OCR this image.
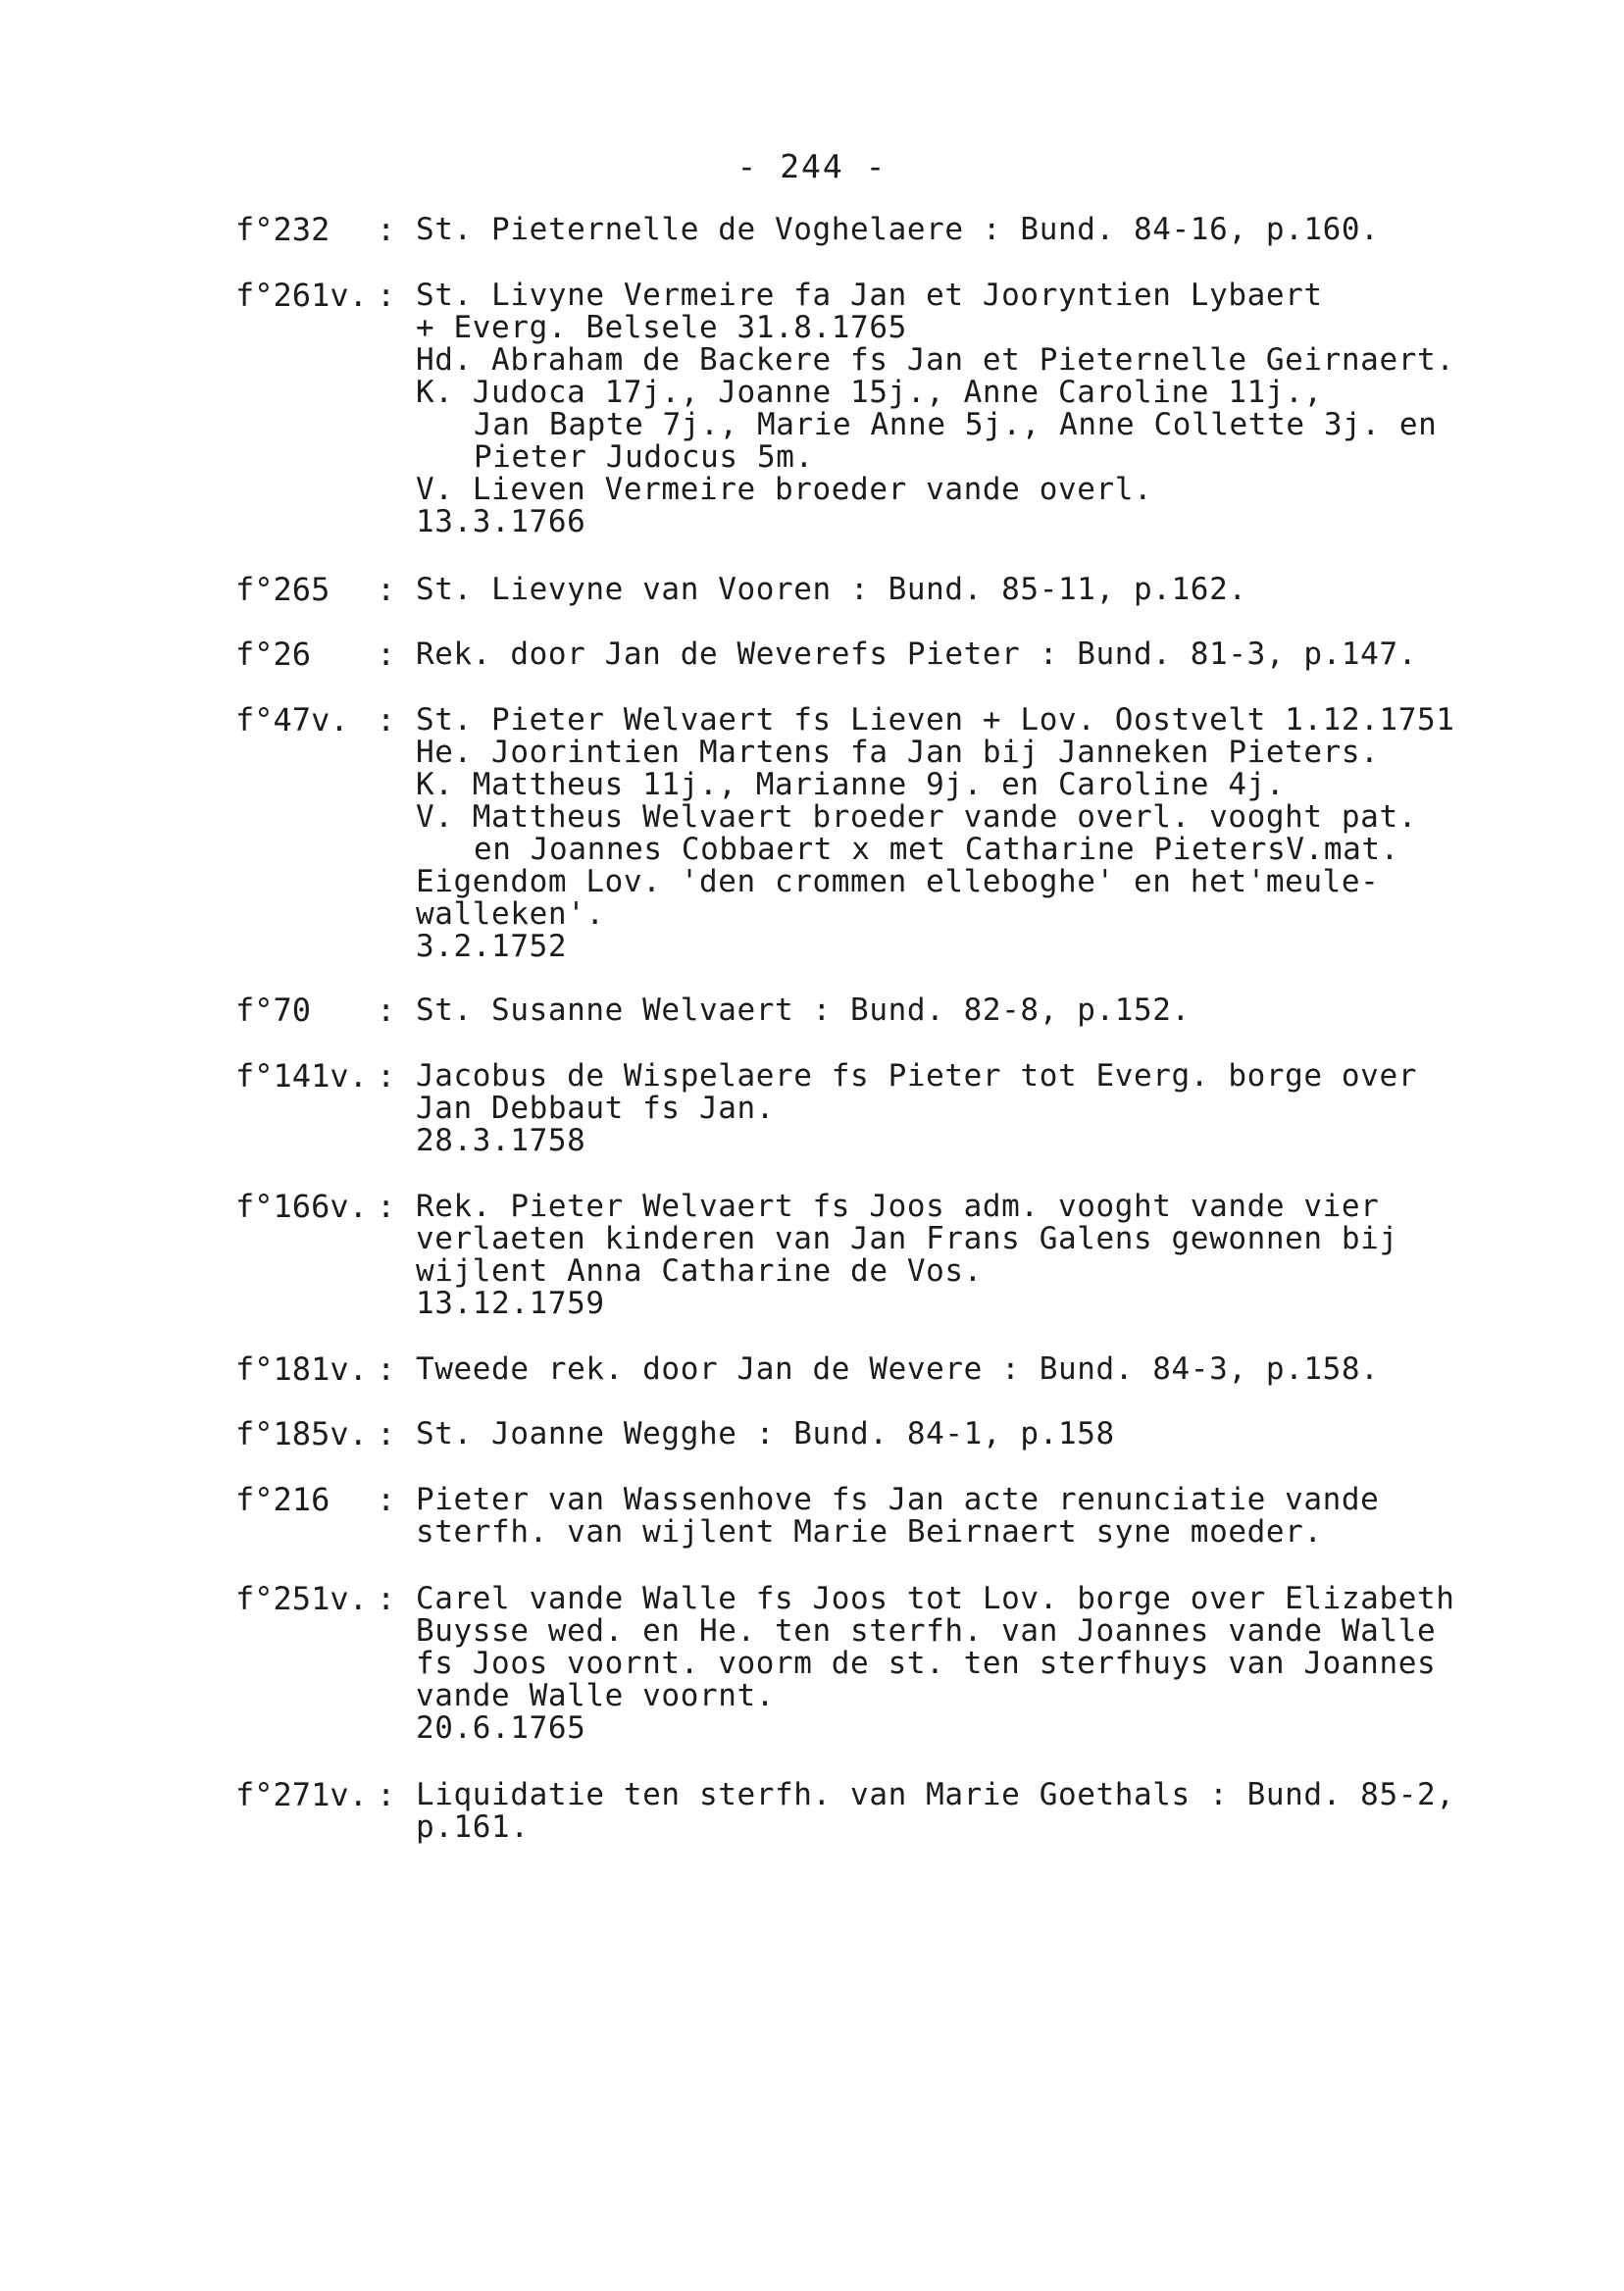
- 244 -
f°232 : St. Pieternelle de Voghelaere : Bund. 84-16, p.160.
f°261v. : St. Livyne Vermeire fa Jan et Jooryntien Lybaert
+ Everg. Belsele 31.8.1765
Hd. Abraham de Backere fs Jan et Pieternelle Geirnaert.
K. Judoca 17j., Joanne 15j., Anne Caroline 11j.,
Jan Bapte 7j., Marie Anne 5j., Anne Collette 3j. en
Pieter Judocus 5m.
V. Lieven Vermeire broeder vande overl.
13.3.1766
f°265 : St. Lievyne van Vooren : Bund. 85-11, p.162.
f°26 : Rek. door Jan de Weverefs Pieter : Bund. 81-3, p.147.
f°47v. : St. Pieter Welvaert fs Lieven + Lov. Oostvelt 1.12.1751
He. Joorintien Martens fa Jan bij Janneken Pieters.
K. Mattheus 11j., Marianne 9j. en Caroline 4j.
V. Mattheus Welvaert broeder vande overl. vooght pat.
en Joannes Cobbaert x met Catharine PietersV.mat.
Eigendom Lov. 'den crommen elleboghe' en het'meule-
walleken'.
3.2.1752
f°70 : St. Susanne Welvaert : Bund. 82-8, p.152.
f°141v. : Jacobus de Wispelaere fs Pieter tot Everg. borge over
Jan Debbaut fs Jan.
28.3.1758
f°166v. : Rek. Pieter Welvaert fs Joos adm. vooght vande vier
verlaeten kinderen van Jan Frans Galens gewonnen bij
wijlent Anna Catharine de Vos.
13.12.1759
f°181v. : Tweede rek. door Jan de Wevere : Bund. 84-3, p.158.
f°185v. : St. Joanne Wegghe : Bund. 84-1, p.158
f°216 : Pieter van Wassenhove fs Jan acte renunciatie vande
sterfh. van wijlent Marie Beirnaert syne moeder.
f°251v. : Carel vande Walle fs Joos tot Lov. borge over Elizabeth
Buysse wed. en He. ten sterfh. van Joannes vande Walle
fs Joos voornt. voorm de st. ten sterfhuys van Joannes
vande Walle voornt.
20.6.1765
f°271v. : Liquidatie ten sterfh. van Marie Goethals : Bund. 85-2,
p.161.
